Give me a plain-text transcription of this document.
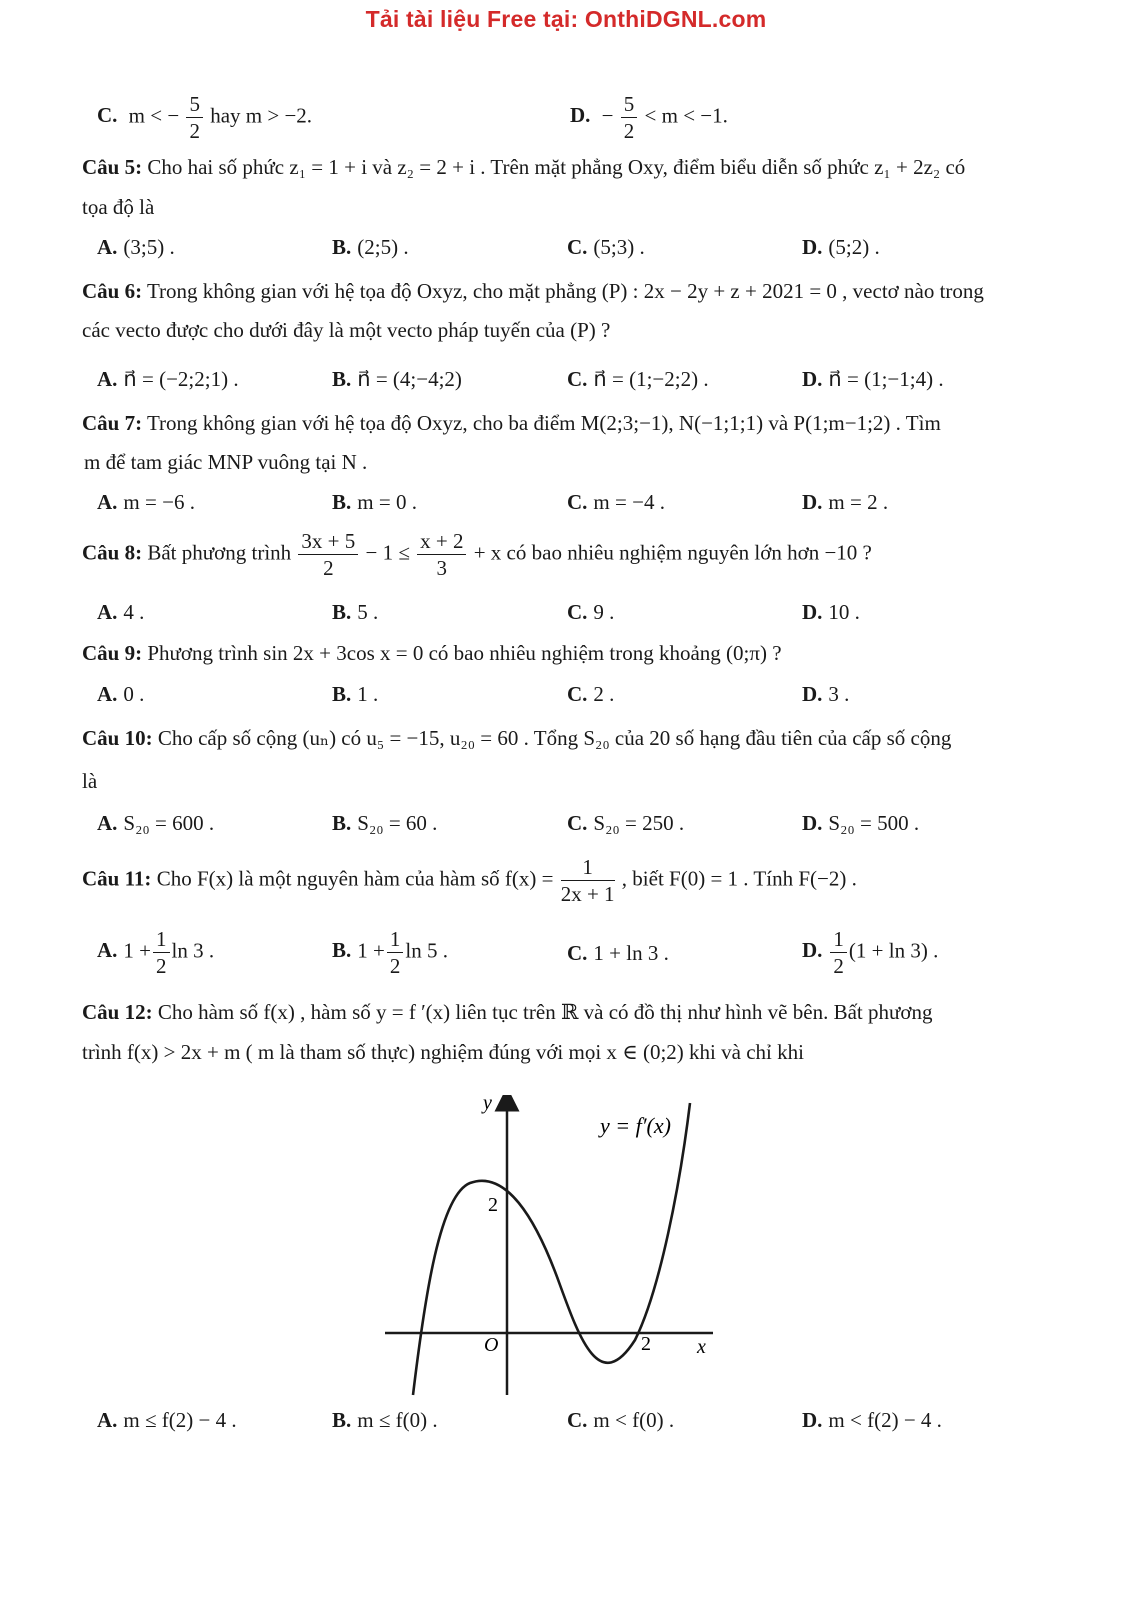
Tải tài liệu Free tại: OnthiDGNL.com
C. m < − $\frac{5}{2}$ hay m > −2.	D. − $\frac{5}{2} < m < -1$.
Câu 5: Cho hai số phức z₁ = 1 + i và z₂ = 2 + i . Trên mặt phẳng Oxy, điểm biểu diễn số phức z₁ + 2z₂ có
tọa độ là
A. (3;5) .	B. (2;5) .	C. (5;3) .	D. (5;2) .
Câu 6: Trong không gian với hệ tọa độ Oxyz, cho mặt phẳng (P) : 2x − 2y + z + 2021 = 0 , vectơ nào trong
các vecto được cho dưới đây là một vecto pháp tuyến của (P) ?
A. n⃗ = (−2;2;1) .	B. n⃗ = (4;−4;2)	C. n⃗ = (1;−2;2) .	D. n⃗ = (1;−1;4) .
Câu 7: Trong không gian với hệ tọa độ Oxyz, cho ba điểm M(2;3;−1), N(−1;1;1) và P(1;m−1;2) . Tìm
m để tam giác MNP vuông tại N .
A. m = −6 .	B. m = 0 .	C. m = −4 .	D. m = 2 .
Câu 8: Bất phương trình $\frac{3x + 5}{2} - 1 \le \frac{x + 2}{3} + x$ có bao nhiêu nghiệm nguyên lớn hơn −10 ?
A. 4 .	B. 5 .	C. 9 .	D. 10 .
Câu 9: Phương trình sin 2x + 3cos x = 0 có bao nhiêu nghiệm trong khoảng (0;π) ?
A. 0 .	B. 1 .	C. 2 .	D. 3 .
Câu 10: Cho cấp số cộng (uₙ) có u₅ = −15, u₂₀ = 60 . Tổng S₂₀ của 20 số hạng đầu tiên của cấp số cộng
là
A. S₂₀ = 600 .	B. S₂₀ = 60 .	C. S₂₀ = 250 .	D. S₂₀ = 500 .
Câu 11: Cho F(x) là một nguyên hàm của hàm số $f(x) = \frac{1}{2x + 1}$ , biết F(0) = 1 . Tính F(−2) .
A. $1 + \frac{1}{2}$ ln 3 .	B. $1 + \frac{1}{2}$ ln 5 .	C. 1 + ln 3 .	D. $\frac{1}{2} (1 + \ln 3)$ .
Câu 12: Cho hàm số f(x) , hàm số y = f ′(x) liên tục trên ℝ và có đồ thị như hình vẽ bên. Bất phương
trình f(x) > 2x + m ( m là tham số thực) nghiệm đúng với mọi x ∈ (0;2) khi và chỉ khi
y
x
y = f′(x)
O
2
2
A. m ≤ f(2) − 4 .	B. m ≤ f(0) .	C. m < f(0) .	D. m < f(2) − 4 .
